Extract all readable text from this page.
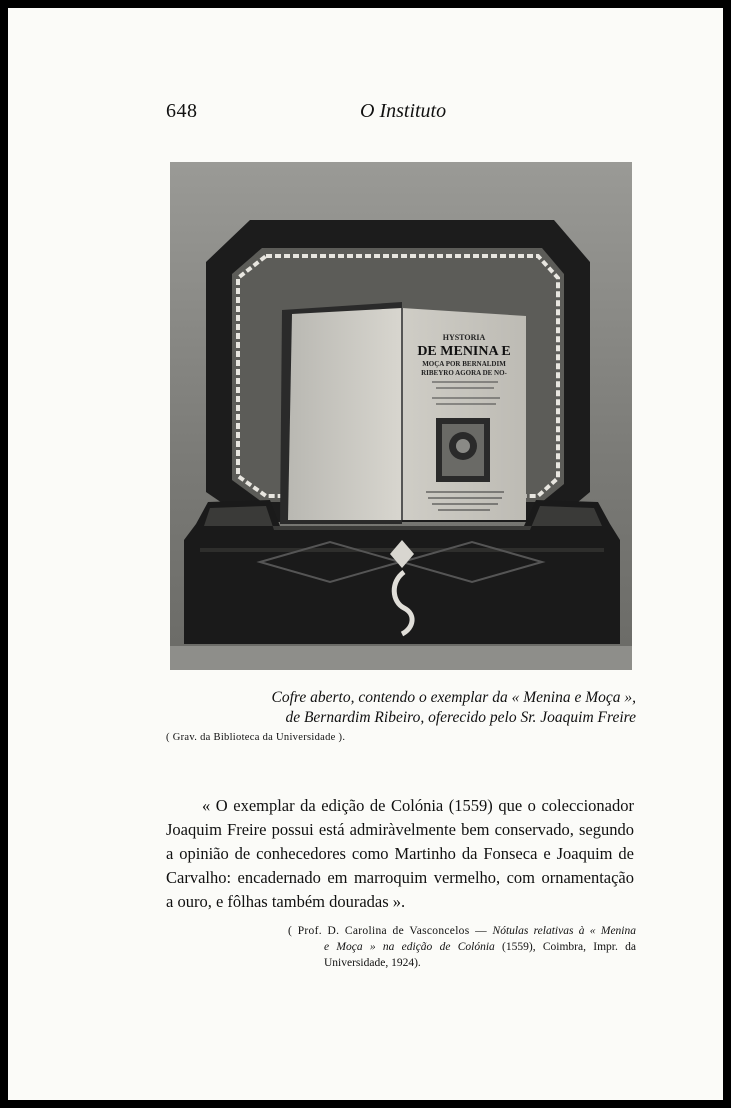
648	O Instituto
HYSTORIA
DE MENINA E
MOÇA POR BERNALDIM
RIBEYRO AGORA DE NO-
Cofre aberto, contendo o exemplar da « Menina e Moça »,
de Bernardim Ribeiro, oferecido pelo Sr. Joaquim Freire
( Grav. da Biblioteca da Universidade ).
« O exemplar da edição de Colónia (1559) que o coleccionador
Joaquim Freire possui está admiràvelmente bem conservado, segundo
a opinião de conhecedores como Martinho da Fonseca e Joaquim de
Carvalho: encadernado em marroquim vermelho, com ornamentação
a ouro, e fôlhas também douradas ».
( Prof. D. Carolina de Vasconcelos — Nótulas relativas à « Menina
e Moça » na edição de Colónia (1559), Coimbra, Impr. da
Universidade, 1924).
